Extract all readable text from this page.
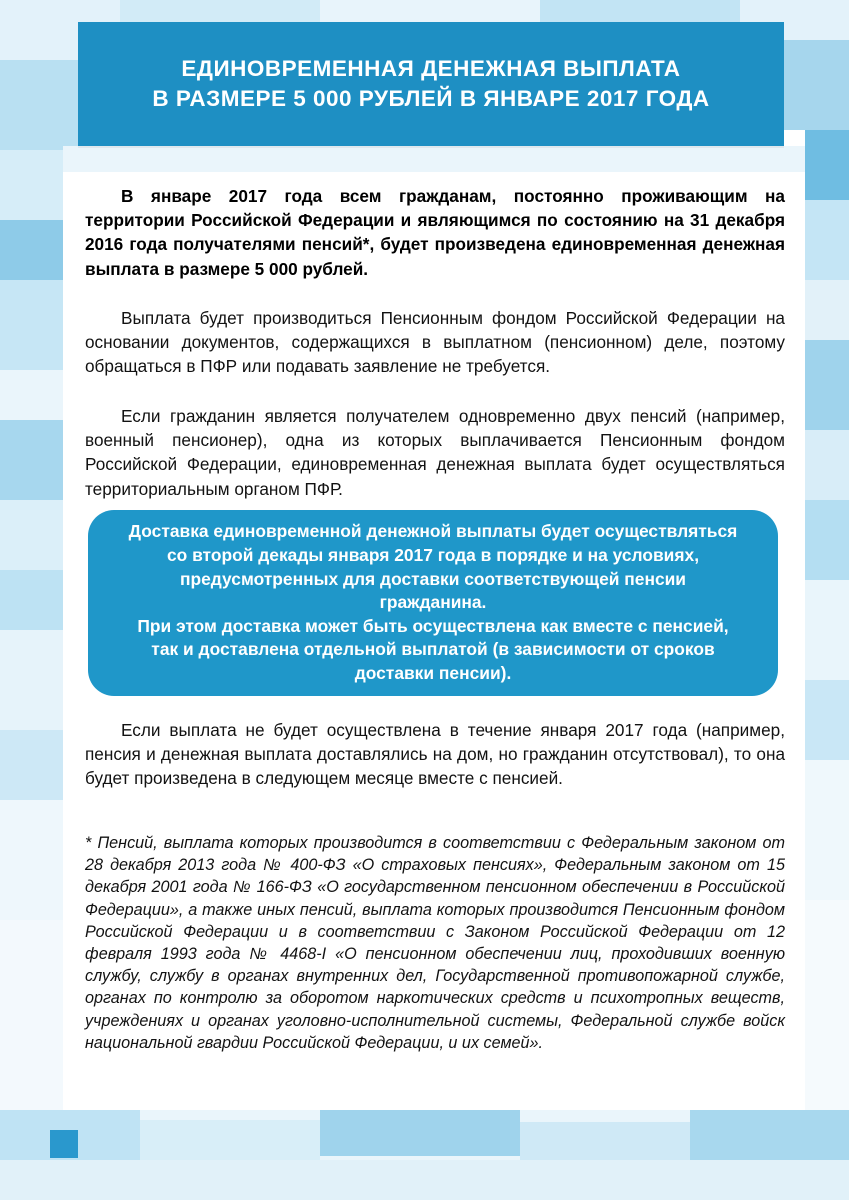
ЕДИНОВРЕМЕННАЯ ДЕНЕЖНАЯ ВЫПЛАТА
В РАЗМЕРЕ 5 000 РУБЛЕЙ В ЯНВАРЕ 2017 ГОДА

В январе 2017 года всем гражданам, постоянно проживающим на территории Российской Федерации и являющимся по состоянию на 31 декабря 2016 года получателями пенсий*, будет произведена единовременная денежная выплата в размере 5 000 рублей.

Выплата будет производиться Пенсионным фондом Российской Федерации на основании документов, содержащихся в выплатном (пенсионном) деле, поэтому обращаться в ПФР или подавать заявление не требуется.

Если гражданин является получателем одновременно двух пенсий (например, военный пенсионер), одна из которых выплачивается Пенсионным фондом Российской Федерации, единовременная денежная выплата будет осуществляться территориальным органом ПФР.

Доставка единовременной денежной выплаты будет осуществляться со второй декады января 2017 года в порядке и на условиях, предусмотренных для доставки соответствующей пенсии гражданина.

При этом доставка может быть осуществлена как вместе с пенсией, так и доставлена отдельной выплатой (в зависимости от сроков доставки пенсии).

Если выплата не будет осуществлена в течение января 2017 года (например, пенсия и денежная выплата доставлялись на дом, но гражданин отсутствовал), то она будет произведена в следующем месяце вместе с пенсией.

* Пенсий, выплата которых производится в соответствии с Федеральным законом от 28 декабря 2013 года № 400-ФЗ «О страховых пенсиях», Федеральным законом от 15 декабря 2001 года № 166-ФЗ «О государственном пенсионном обеспечении в Российской Федерации», а также иных пенсий, выплата которых производится Пенсионным фондом Российской Федерации и в соответствии с Законом Российской Федерации от 12 февраля 1993 года № 4468-I «О пенсионном обеспечении лиц, проходивших военную службу, службу в органах внутренних дел, Государственной противопожарной службе, органах по контролю за оборотом наркотических средств и психотропных веществ, учреждениях и органах уголовно-исполнительной системы, Федеральной службе войск национальной гвардии Российской Федерации, и их семей».
